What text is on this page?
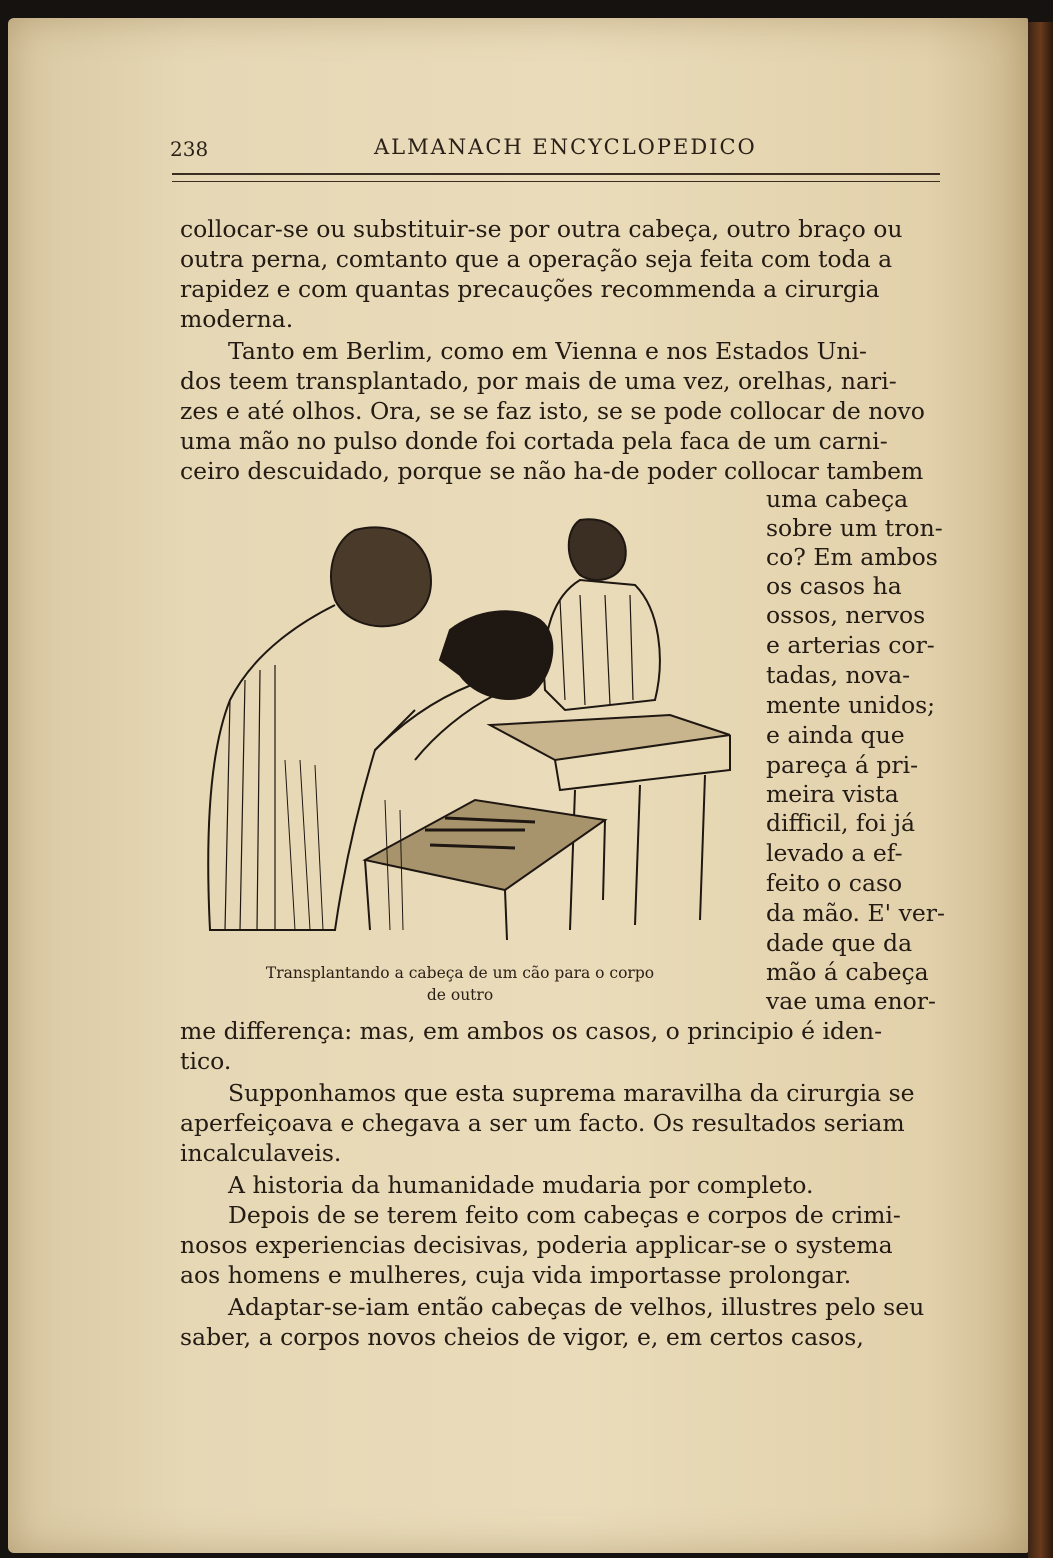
238	ALMANACH ENCYCLOPEDICO
collocar-se ou substituir-se por outra cabeça, outro braço ou
outra perna, comtanto que a operação seja feita com toda a
rapidez e com quantas precauções recommenda a cirurgia
moderna.
Tanto em Berlim, como em Vienna e nos Estados Uni-
dos teem transplantado, por mais de uma vez, orelhas, nari-
zes e até olhos. Ora, se se faz isto, se se pode collocar de novo
uma mão no pulso donde foi cortada pela faca de um carni-
ceiro descuidado, porque se não ha-de poder collocar tambem
uma cabeça
sobre um tron-
co? Em ambos
os casos ha
ossos, nervos
e arterias cor-
tadas, nova-
mente unidos;
e ainda que
pareça á pri-
meira vista
difficil, foi já
levado a ef-
feito o caso
da mão. E' ver-
dade que da
mão á cabeça
vae uma enor-
me differença: mas, em ambos os casos, o principio é iden-
tico.
Supponhamos que esta suprema maravilha da cirurgia se
aperfeiçoava e chegava a ser um facto. Os resultados seriam
incalculaveis.
A historia da humanidade mudaria por completo.
Depois de se terem feito com cabeças e corpos de crimi-
nosos experiencias decisivas, poderia applicar-se o systema
aos homens e mulheres, cuja vida importasse prolongar.
Adaptar-se-iam então cabeças de velhos, illustres pelo seu
saber, a corpos novos cheios de vigor, e, em certos casos,
Transplantando a cabeça de um cão para o corpo
de outro
